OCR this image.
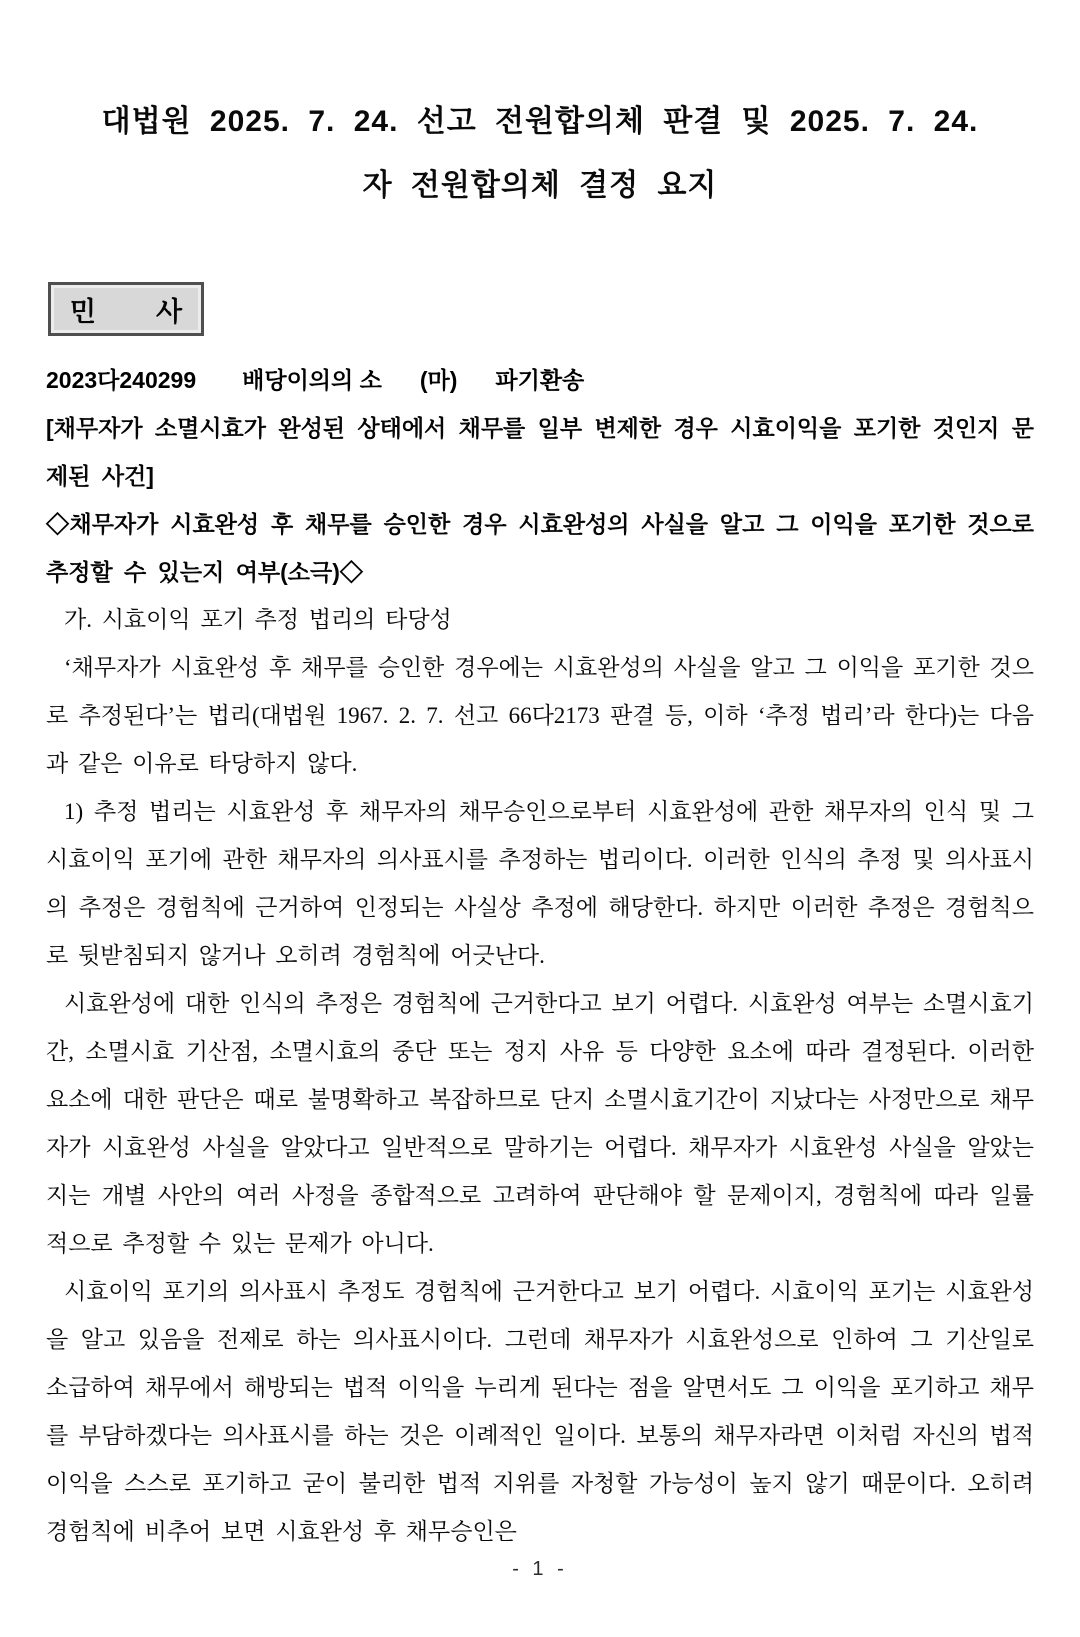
대법원 2025. 7. 24. 선고 전원합의체 판결 및 2025. 7. 24.
자 전원합의체 결정 요지
민        사
2023다240299 배당이의의 소 (마) 파기환송
[채무자가 소멸시효가 완성된 상태에서 채무를 일부 변제한 경우 시효이익을 포기한 것인지 문제된 사건]
◇채무자가 시효완성 후 채무를 승인한 경우 시효완성의 사실을 알고 그 이익을 포기한 것으로 추정할 수 있는지 여부(소극)◇

가. 시효이익 포기 추정 법리의 타당성

‘채무자가 시효완성 후 채무를 승인한 경우에는 시효완성의 사실을 알고 그 이익을 포기한 것으로 추정된다’는 법리(대법원 1967. 2. 7. 선고 66다2173 판결 등, 이하 ‘추정 법리’라 한다)는 다음과 같은 이유로 타당하지 않다.

1) 추정 법리는 시효완성 후 채무자의 채무승인으로부터 시효완성에 관한 채무자의 인식 및 그 시효이익 포기에 관한 채무자의 의사표시를 추정하는 법리이다. 이러한 인식의 추정 및 의사표시의 추정은 경험칙에 근거하여 인정되는 사실상 추정에 해당한다. 하지만 이러한 추정은 경험칙으로 뒷받침되지 않거나 오히려 경험칙에 어긋난다.

시효완성에 대한 인식의 추정은 경험칙에 근거한다고 보기 어렵다. 시효완성 여부는 소멸시효기간, 소멸시효 기산점, 소멸시효의 중단 또는 정지 사유 등 다양한 요소에 따라 결정된다. 이러한 요소에 대한 판단은 때로 불명확하고 복잡하므로 단지 소멸시효기간이 지났다는 사정만으로 채무자가 시효완성 사실을 알았다고 일반적으로 말하기는 어렵다. 채무자가 시효완성 사실을 알았는지는 개별 사안의 여러 사정을 종합적으로 고려하여 판단해야 할 문제이지, 경험칙에 따라 일률적으로 추정할 수 있는 문제가 아니다.

시효이익 포기의 의사표시 추정도 경험칙에 근거한다고 보기 어렵다. 시효이익 포기는 시효완성을 알고 있음을 전제로 하는 의사표시이다. 그런데 채무자가 시효완성으로 인하여 그 기산일로 소급하여 채무에서 해방되는 법적 이익을 누리게 된다는 점을 알면서도 그 이익을 포기하고 채무를 부담하겠다는 의사표시를 하는 것은 이례적인 일이다. 보통의 채무자라면 이처럼 자신의 법적 이익을 스스로 포기하고 굳이 불리한 법적 지위를 자청할 가능성이 높지 않기 때문이다. 오히려 경험칙에 비추어 보면 시효완성 후 채무승인은

- 1 -
